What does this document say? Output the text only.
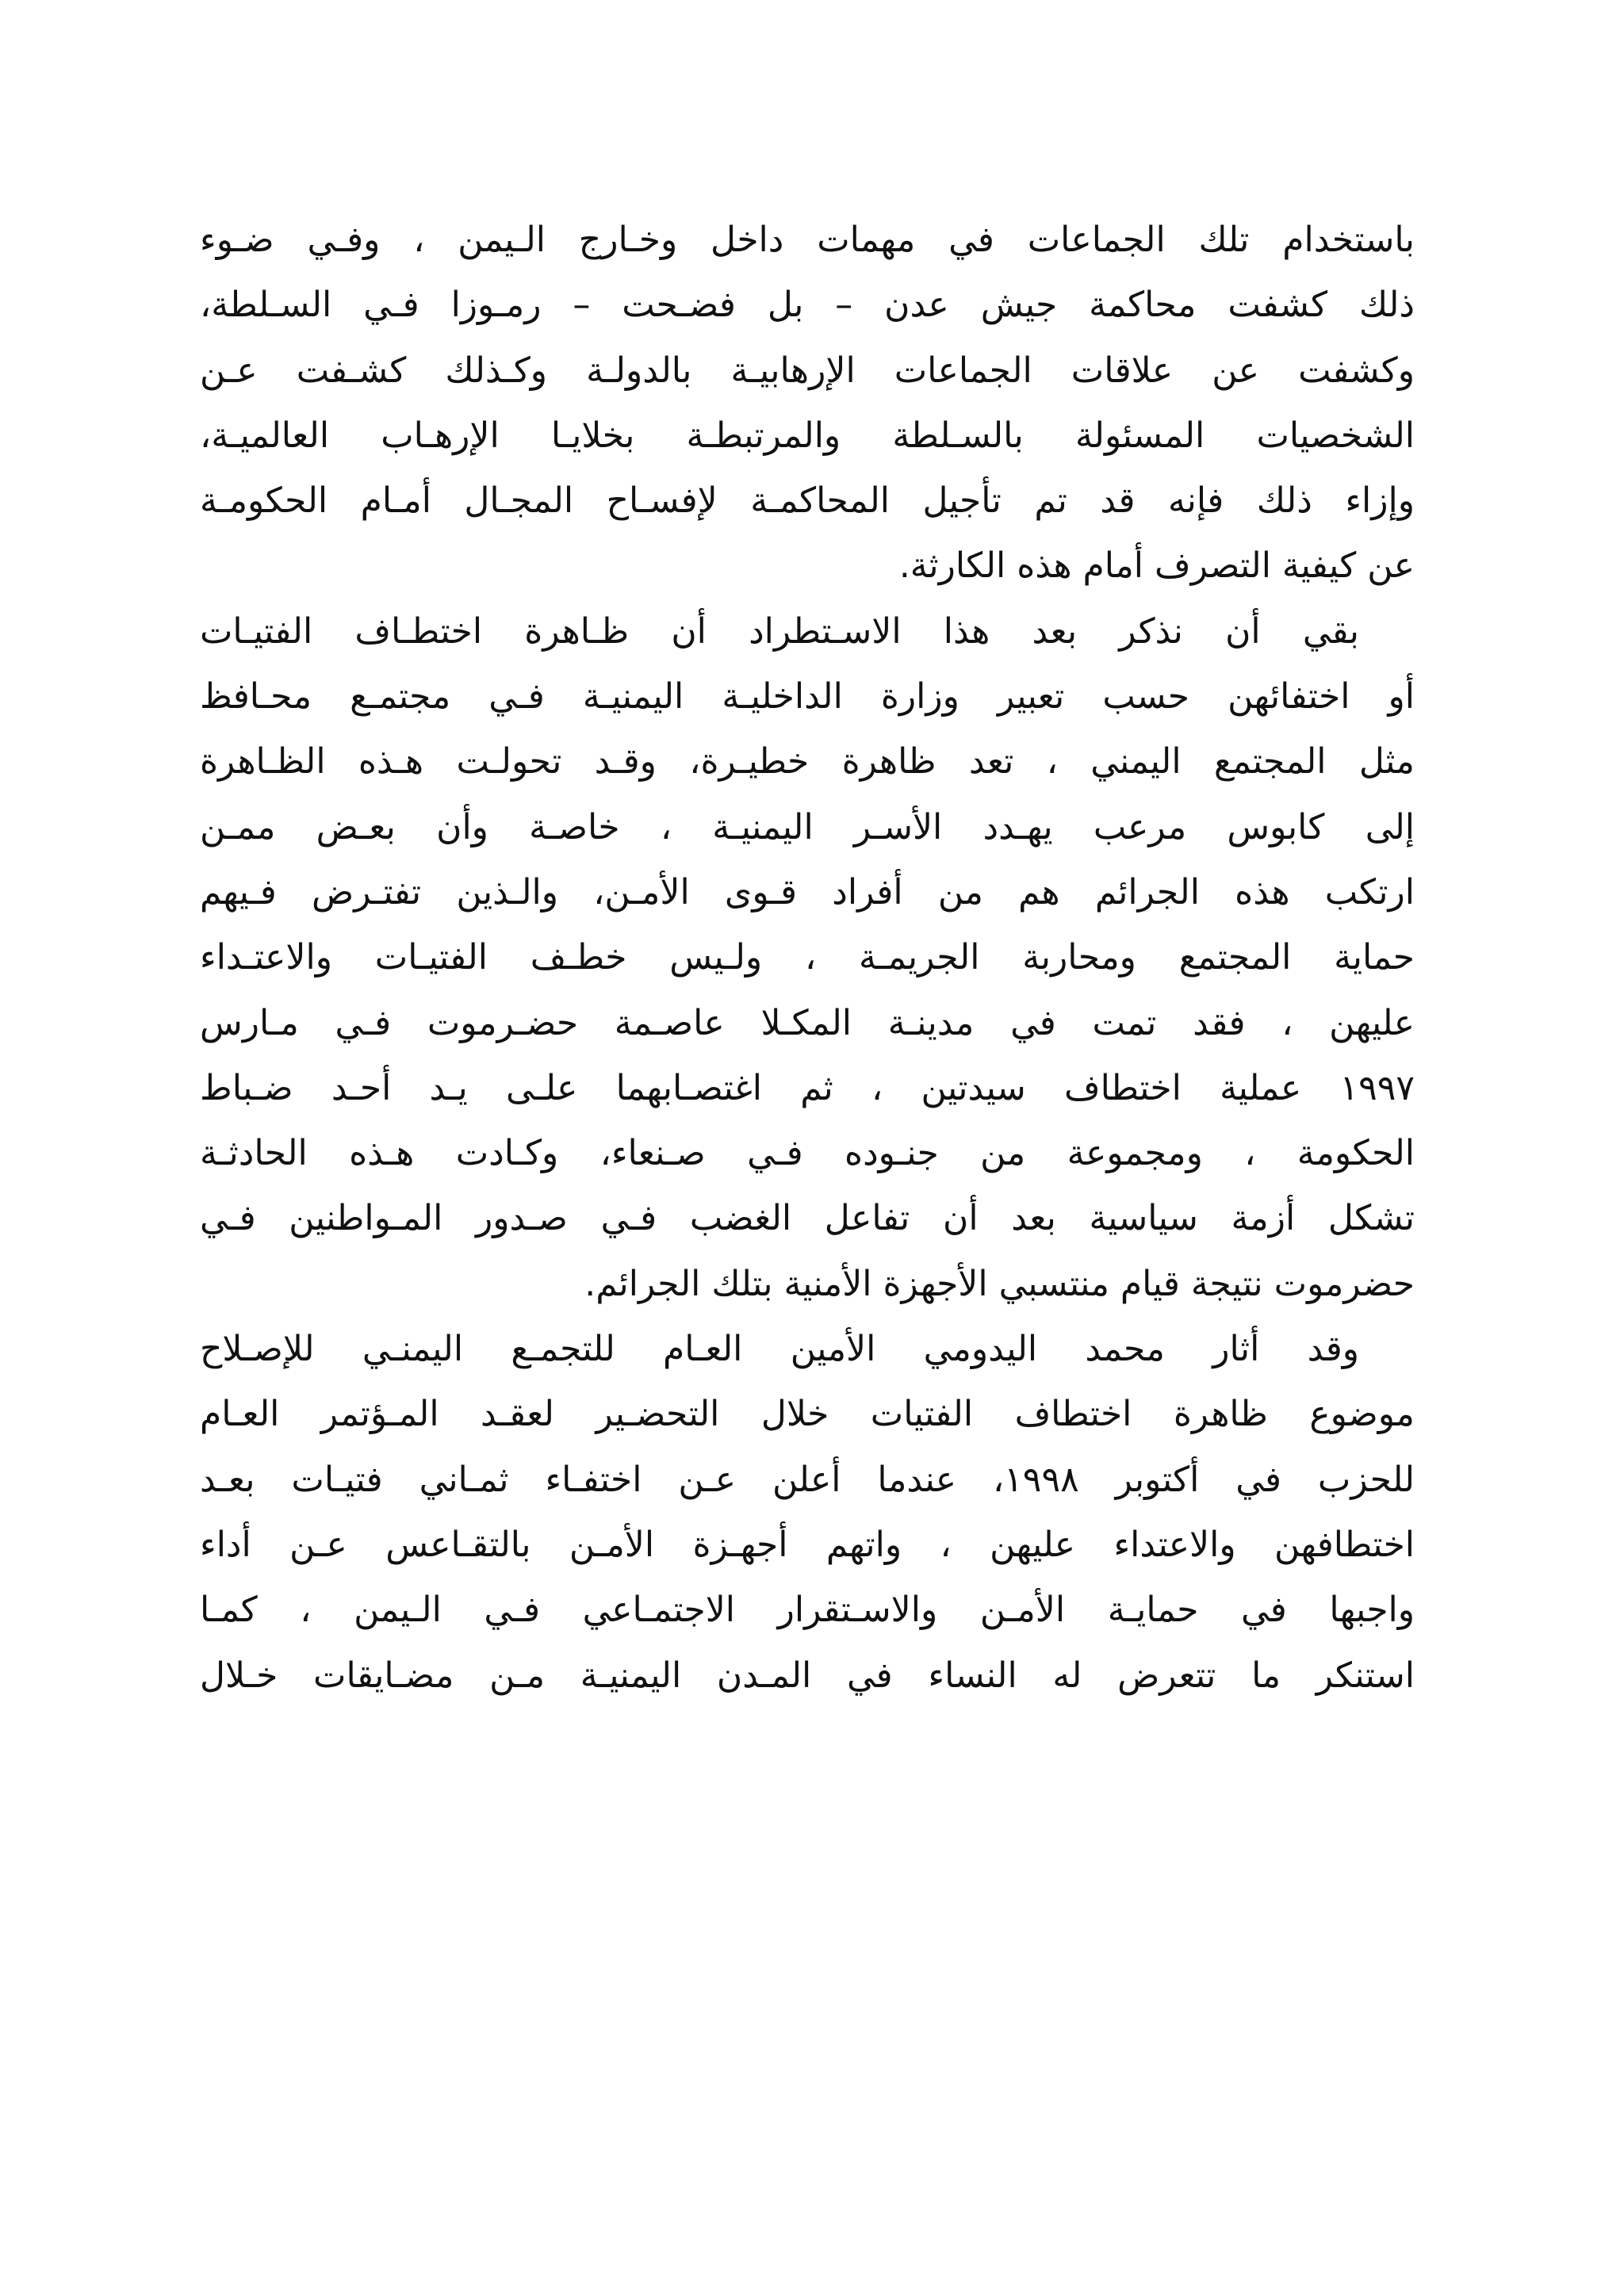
باستخدام تلك الجماعات في مهمات داخل وخـارج الـيمن ، وفـي ضـوء
ذلك كشفت محاكمة جيش عدن – بل فضـحت – رمـوزا فـي السـلطة،
وكشفت عن علاقات الجماعات الإرهابيـة بالدولـة وكـذلك كشـفت عـن
الشخصيات المسئولة بالسـلطة والمرتبطـة بخلايـا الإرهـاب العالميـة،
وإزاء ذلك فإنه قد تم تأجيل المحاكمـة لإفسـاح المجـال أمـام الحكومـة
عن كيفية التصرف أمام هذه الكارثة.
بقي أن نذكر بعد هذا الاسـتطراد أن ظـاهرة اختطـاف الفتيـات
أو اختفائهن حسب تعبير وزارة الداخليـة اليمنيـة فـي مجتمـع محـافظ
مثل المجتمع اليمني ، تعد ظاهرة خطيـرة، وقـد تحولـت هـذه الظـاهرة
إلى كابوس مرعب يهـدد الأسـر اليمنيـة ، خاصـة وأن بعـض ممـن
ارتكب هذه الجرائم هم من أفراد قـوى الأمـن، والـذين تفتـرض فـيهم
حماية المجتمع ومحاربة الجريمـة ، ولـيس خطـف الفتيـات والاعتـداء
عليهن ، فقد تمت في مدينـة المكـلا عاصـمة حضـرموت فـي مـارس
١٩٩٧ عملية اختطاف سيدتين ، ثم اغتصـابهما علـى يـد أحـد ضـباط
الحكومة ، ومجموعة من جنـوده فـي صـنعاء، وكـادت هـذه الحادثـة
تشكل أزمة سياسية بعد أن تفاعل الغضب فـي صـدور المـواطنين فـي
حضرموت نتيجة قيام منتسبي الأجهزة الأمنية بتلك الجرائم.
وقد أثار محمد اليدومي الأمين العـام للتجمـع اليمنـي للإصـلاح
موضوع ظاهرة اختطاف الفتيات خلال التحضـير لعقـد المـؤتمر العـام
للحزب في أكتوبر ١٩٩٨، عندما أعلن عـن اختفـاء ثمـاني فتيـات بعـد
اختطافهن والاعتداء عليهن ، واتهم أجهـزة الأمـن بالتقـاعس عـن أداء
واجبها في حمايـة الأمـن والاسـتقرار الاجتمـاعي فـي الـيمن ، كمـا
استنكر ما تتعرض له النساء في المـدن اليمنيـة مـن مضـايقات خـلال
